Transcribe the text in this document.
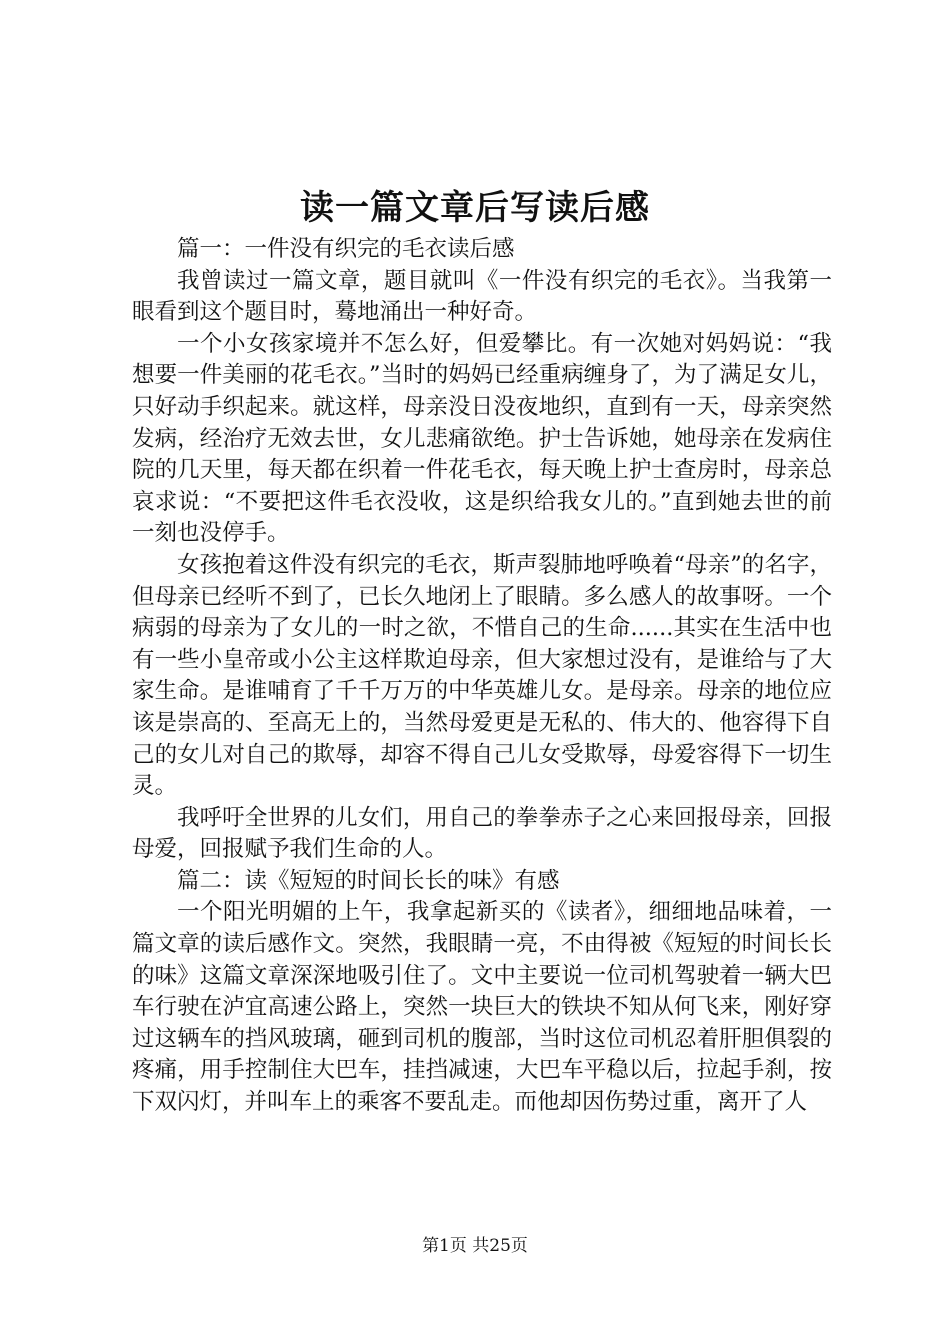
读一篇文章后写读后感

篇一：一件没有织完的毛衣读后感

我曾读过一篇文章，题目就叫《一件没有织完的毛衣》。当我第一眼看到这个题目时，蓦地涌出一种好奇。

一个小女孩家境并不怎么好，但爱攀比。有一次她对妈妈说：“我想要一件美丽的花毛衣。”当时的妈妈已经重病缠身了，为了满足女儿，只好动手织起来。就这样，母亲没日没夜地织，直到有一天，母亲突然发病，经治疗无效去世，女儿悲痛欲绝。护士告诉她，她母亲在发病住院的几天里，每天都在织着一件花毛衣，每天晚上护士查房时，母亲总哀求说：“不要把这件毛衣没收，这是织给我女儿的。”直到她去世的前一刻也没停手。

女孩抱着这件没有织完的毛衣，斯声裂肺地呼唤着“母亲”的名字，但母亲已经听不到了，已长久地闭上了眼睛。多么感人的故事呀。一个病弱的母亲为了女儿的一时之欲，不惜自己的生命......其实在生活中也有一些小皇帝或小公主这样欺迫母亲，但大家想过没有，是谁给与了大家生命。是谁哺育了千千万万的中华英雄儿女。是母亲。母亲的地位应该是崇高的、至高无上的，当然母爱更是无私的、伟大的、他容得下自己的女儿对自己的欺辱，却容不得自己儿女受欺辱，母爱容得下一切生灵。

我呼吁全世界的儿女们，用自己的拳拳赤子之心来回报母亲，回报母爱，回报赋予我们生命的人。

篇二：读《短短的时间长长的味》有感

一个阳光明媚的上午，我拿起新买的《读者》，细细地品味着，一篇文章的读后感作文。突然，我眼睛一亮，不由得被《短短的时间长长的味》这篇文章深深地吸引住了。文中主要说一位司机驾驶着一辆大巴车行驶在泸宜高速公路上，突然一块巨大的铁块不知从何飞来，刚好穿过这辆车的挡风玻璃，砸到司机的腹部，当时这位司机忍着肝胆俱裂的疼痛，用手控制住大巴车，挂挡减速，大巴车平稳以后，拉起手刹，按下双闪灯，并叫车上的乘客不要乱走。而他却因伤势过重，离开了人

第1页 共25页
